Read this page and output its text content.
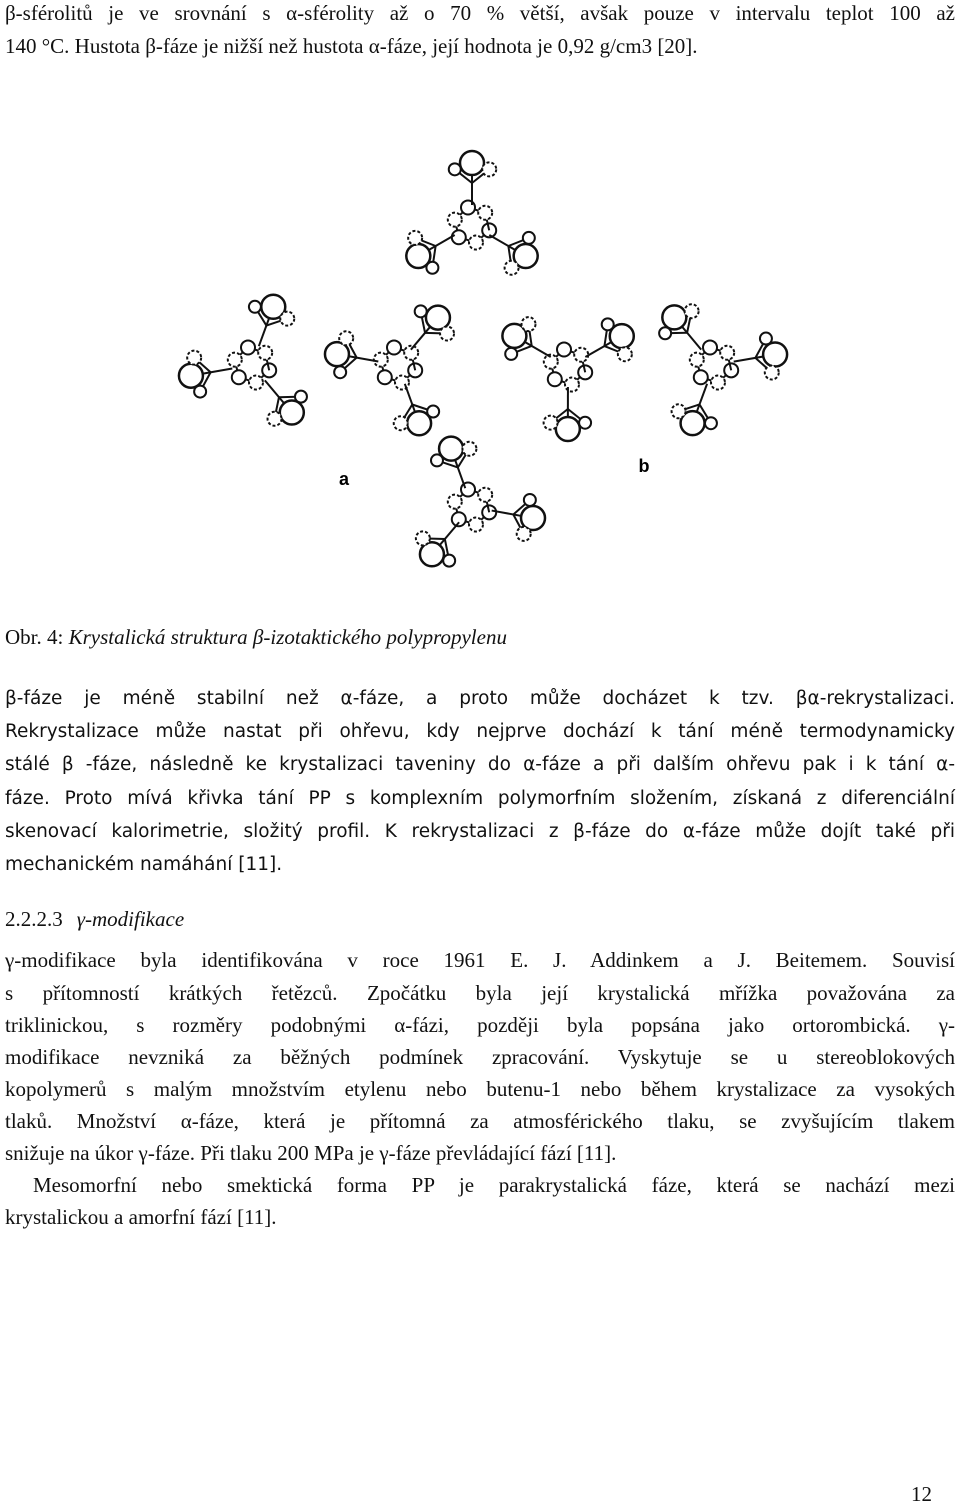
β-sférolitů je ve srovnání s α-sférolity až o 70 % větší, avšak pouze v intervalu teplot 100 až
140 °C. Hustota β-fáze je nižší než hustota α-fáze, její hodnota je 0,92 g/cm3 [20].
a
b
Obr. 4: Krystalická struktura β-izotaktického polypropylenu
β-fáze je méně stabilní než α-fáze, a proto může docházet k tzv. βα-rekrystalizaci.
Rekrystalizace může nastat při ohřevu, kdy nejprve dochází k tání méně termodynamicky
stálé β -fáze, následně ke krystalizaci taveniny do α-fáze a při dalším ohřevu pak i k tání α-
fáze. Proto mívá křivka tání PP s komplexním polymorfním složením, získaná z diferenciální
skenovací kalorimetrie, složitý profil. K rekrystalizaci z β-fáze do α-fáze může dojít také při
mechanickém namáhání [11].
2.2.2.3 γ-modifikace
γ-modifikace byla identifikována v roce 1961 E. J. Addinkem a J. Beitemem. Souvisí
s přítomností krátkých řetězců. Zpočátku byla její krystalická mřížka považována za
triklinickou, s rozměry podobnými α-fázi, později byla popsána jako ortorombická. γ-
modifikace nevzniká za běžných podmínek zpracování. Vyskytuje se u stereoblokových
kopolymerů s malým množstvím etylenu nebo butenu-1 nebo během krystalizace za vysokých
tlaků. Množství α-fáze, která je přítomná za atmosférického tlaku, se zvyšujícím tlakem
snižuje na úkor γ-fáze. Při tlaku 200 MPa je γ-fáze převládající fází [11].
Mesomorfní nebo smektická forma PP je parakrystalická fáze, která se nachází mezi
krystalickou a amorfní fází [11].
12
